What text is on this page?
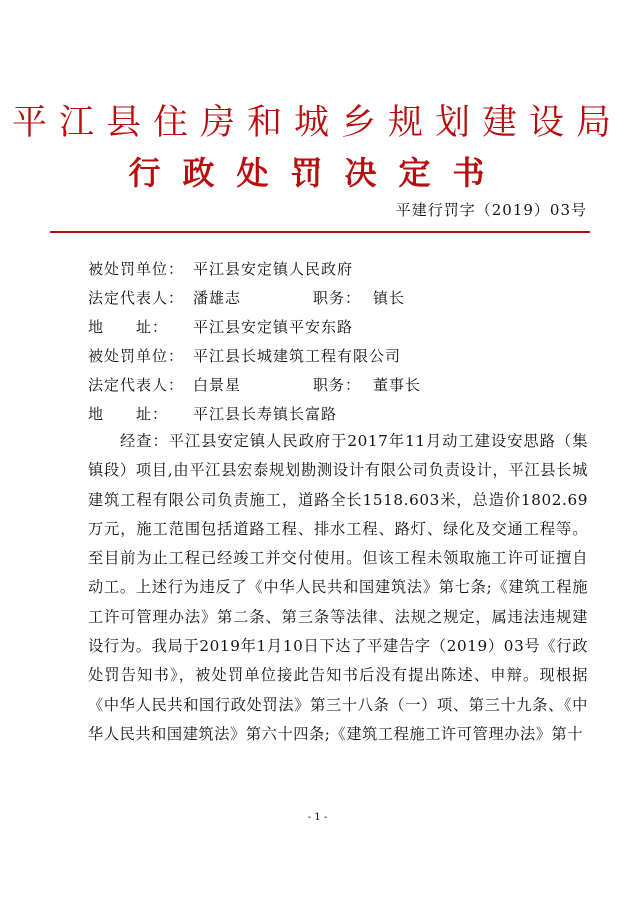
平江县住房和城乡规划建设局
行政处罚决定书
平建行罚字（2019）03号
被处罚单位： 平江县安定镇人民政府
法定代表人： 潘雄志	职务： 镇长
地　　址： 平江县安定镇平安东路
被处罚单位： 平江县长城建筑工程有限公司
法定代表人： 白景星	职务： 董事长
地　　址： 平江县长寿镇长富路

经查：平江县安定镇人民政府于2017年11月动工建设安思路（集镇段）项目,由平江县宏泰规划勘测设计有限公司负责设计，平江县长城建筑工程有限公司负责施工，道路全长1518.603米，总造价1802.69万元，施工范围包括道路工程、排水工程、路灯、绿化及交通工程等。至目前为止工程已经竣工并交付使用。但该工程未领取施工许可证擅自动工。上述行为违反了《中华人民共和国建筑法》第七条;《建筑工程施工许可管理办法》第二条、第三条等法律、法规之规定，属违法违规建设行为。我局于2019年1月10日下达了平建告字（2019）03号《行政处罚告知书》，被处罚单位接此告知书后没有提出陈述、申辩。现根据《中华人民共和国行政处罚法》第三十八条（一）项、第三十九条、《中华人民共和国建筑法》第六十四条;《建筑工程施工许可管理办法》第十

- 1 -
